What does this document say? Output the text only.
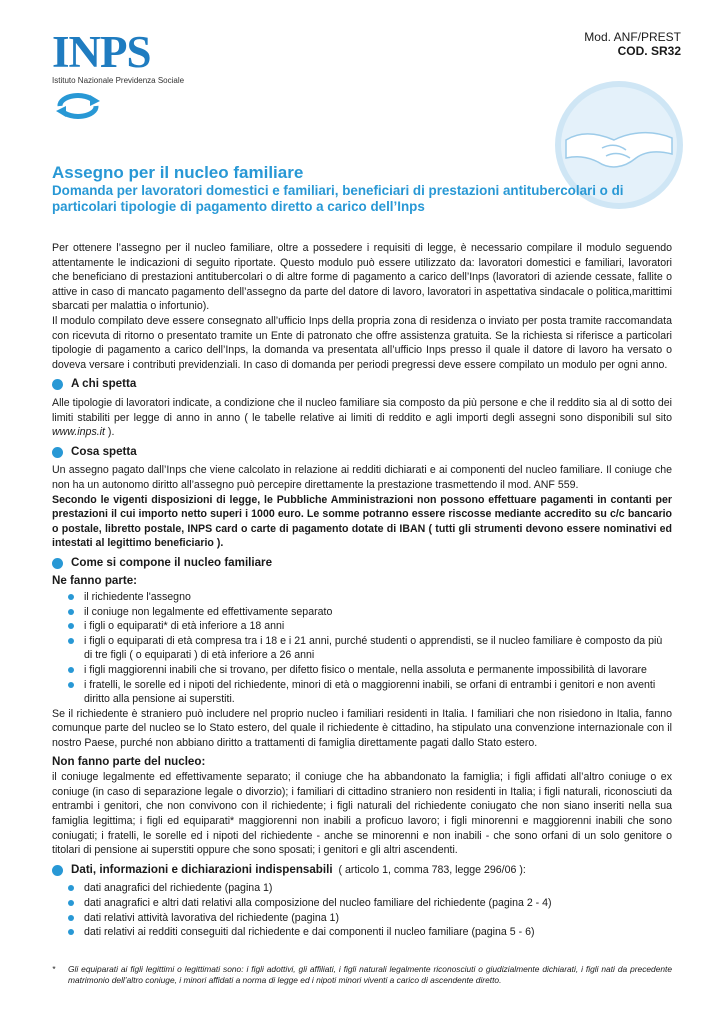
INPS
Istituto Nazionale Previdenza Sociale
Mod. ANF/PREST
COD. SR32
Assegno per il nucleo familiare
Domanda per lavoratori domestici e familiari, beneficiari di prestazioni antitubercolari o di particolari tipologie di pagamento diretto a carico dell’Inps

Per ottenere l’assegno per il nucleo familiare, oltre a possedere i requisiti di legge, è necessario compilare il modulo seguendo attentamente le indicazioni di seguito riportate. Questo modulo può essere utilizzato da: lavoratori domestici e familiari, lavoratori che beneficiano di prestazioni antitubercolari o di altre forme di pagamento a carico dell’Inps (lavoratori di aziende cessate, fallite o attive in caso di mancato pagamento dell’assegno da parte del datore di lavoro, lavoratori in aspettativa sindacale o politica,marittimi sbarcati per malattia o infortunio).

Il modulo compilato deve essere consegnato all’ufficio Inps della propria zona di residenza o inviato per posta tramite raccomandata con ricevuta di ritorno o presentato tramite un Ente di patronato che offre assistenza gratuita. Se la richiesta si riferisce a particolari tipologie di pagamento a carico dell’Inps, la domanda va presentata all’ufficio Inps presso il quale il datore di lavoro ha versato o doveva versare i contributi previdenziali. In caso di domanda per periodi pregressi deve essere compilato un modulo per ogni anno.

A chi spetta

Alle tipologie di lavoratori indicate, a condizione che il nucleo familiare sia composto da più persone e che il reddito sia al di sotto dei limiti stabiliti per legge di anno in anno ( le tabelle relative ai limiti di reddito e agli importi degli assegni sono disponibili sul sito www.inps.it ).

Cosa spetta

Un assegno pagato dall’Inps che viene calcolato in relazione ai redditi dichiarati e ai componenti del nucleo familiare. Il coniuge che non ha un autonomo diritto all’assegno può percepire direttamente la prestazione trasmettendo il mod. ANF 559.

Secondo le vigenti disposizioni di legge, le Pubbliche Amministrazioni non possono effettuare pagamenti in contanti per prestazioni il cui importo netto superi i 1000 euro. Le somme potranno essere riscosse mediante accredito su c/c bancario o postale, libretto postale, INPS card o carte di pagamento dotate di IBAN ( tutti gli strumenti devono essere nominativi ed intestati al legittimo beneficiario ).

Come si compone il nucleo familiare
Ne fanno parte:
il richiedente l'assegno
il coniuge non legalmente ed effettivamente separato
i figli o equiparati* di età inferiore a 18 anni
i figli o equiparati di età compresa tra i 18 e i 21 anni, purché studenti o apprendisti, se il nucleo familiare è composto da più di tre figli ( o equiparati ) di età inferiore a 26 anni
i figli maggiorenni inabili che si trovano, per difetto fisico o mentale, nella assoluta e permanente impossibilità di lavorare
i fratelli, le sorelle ed i nipoti del richiedente, minori di età o maggiorenni inabili, se orfani di entrambi i genitori e non aventi diritto alla pensione ai superstiti.

Se il richiedente è straniero può includere nel proprio nucleo i familiari residenti in Italia. I familiari che non risiedono in Italia, fanno comunque parte del nucleo se lo Stato estero, del quale il richiedente è cittadino, ha stipulato una convenzione internazionale con il nostro Paese, purché non abbiano diritto a trattamenti di famiglia direttamente pagati dallo Stato estero.

Non fanno parte del nucleo:

il coniuge legalmente ed effettivamente separato; il coniuge che ha abbandonato la famiglia; i figli affidati all’altro coniuge o ex coniuge (in caso di separazione legale o divorzio); i familiari di cittadino straniero non residenti in Italia; i figli naturali, riconosciuti da entrambi i genitori, che non convivono con il richiedente; i figli naturali del richiedente coniugato che non siano inseriti nella sua famiglia legittima; i figli ed equiparati* maggiorenni non inabili a proficuo lavoro; i figli minorenni e maggiorenni inabili che sono coniugati; i fratelli, le sorelle ed i nipoti del richiedente - anche se minorenni e non inabili - che sono orfani di un solo genitore o titolari di pensione ai superstiti oppure che sono sposati; i genitori e gli altri ascendenti.

Dati, informazioni e dichiarazioni indispensabili ( articolo 1, comma 783, legge 296/06 ):
dati anagrafici del richiedente (pagina 1)
dati anagrafici e altri dati relativi alla composizione del nucleo familiare del richiedente (pagina 2 - 4)
dati relativi attività lavorativa del richiedente (pagina 1)
dati relativi ai redditi conseguiti dal richiedente e dai componenti il nucleo familiare (pagina 5 - 6)
*	Gli equiparati ai figli legittimi o legittimati sono: i figli adottivi, gli affiliati, i figli naturali legalmente riconosciuti o giudizialmente dichiarati, i figli nati da precedente matrimonio dell’altro coniuge, i minori affidati a norma di legge ed i nipoti minori viventi a carico di ascendente diretto.
